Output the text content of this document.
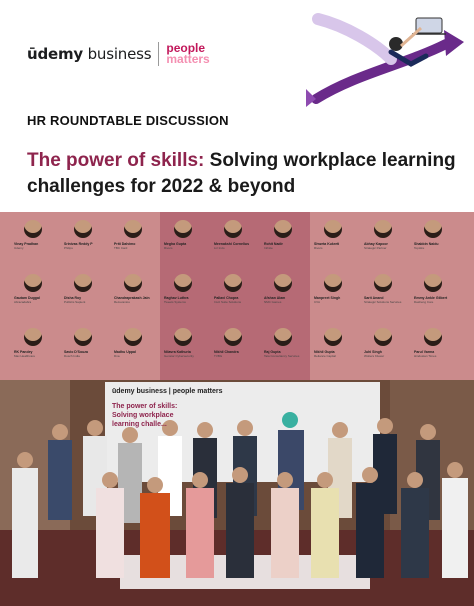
ūdemy business people
matters
HR ROUNDTABLE DISCUSSION
The power of skills: Solving workplace learning challenges for 2022 & beyond
Vinay Pradhan
Udemy
Srinivas Reddy P
Philips
Priti Dalvimo
TBC Card
Megha Gupta
Rivers
Meenakshi Cornelius
Liz Indo
Rohit Nadir
Infinite
Shweta Kukreti
Rivers
Abhay Kapoor
Strategic Partner
Shabbin Naidu
TopHire
Gautam Duggal
Abracadabra
Disha Roy
Publicis Sapient
Chandraprakash Jain
Rezevantos
Raghav Luthra
Tweets Systems
Pallavi Chopra
Inviz Suite Solutions
Afshan Alam
NMC Games
Manpreet Singh
CVA
Sarit Anand
Strategic Solutions Services
Emmy Ankle Gilbert
Dasheng Core
RK Pandey
Max Healthcare
Savio D'Souza
Dusch India
Madhu Uppal
Dna
Nilavra Kathuria
Genstar Cybersecurity
Nikhil Chandra
TVBG
Raj Gupta
Tata Consultancy Services
Nikhil Gupta
Reliance Capital
Juhi Singh
Wolters Kluwer
Parul Varma
Hindustan Times
ūdemy business | people matters
The power of skills: Solving workplace learning challe...
